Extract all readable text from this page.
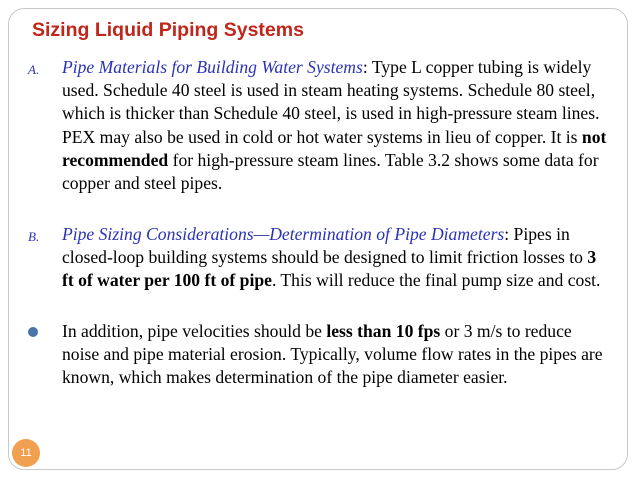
Sizing Liquid Piping Systems
A.	Pipe Materials for Building Water Systems: Type L copper tubing is widely used. Schedule 40 steel is used in steam heating systems. Schedule 80 steel, which is thicker than Schedule 40 steel, is used in high-pressure steam lines. PEX may also be used in cold or hot water systems in lieu of copper. It is not recommended for high-pressure steam lines. Table 3.2 shows some data for copper and steel pipes.
B.	Pipe Sizing Considerations—Determination of Pipe Diameters: Pipes in closed-loop building systems should be designed to limit friction losses to 3 ft of water per 100 ft of pipe. This will reduce the final pump size and cost.
In addition, pipe velocities should be less than 10 fps or 3 m/s to reduce noise and pipe material erosion. Typically, volume flow rates in the pipes are known, which makes determination of the pipe diameter easier.
11
